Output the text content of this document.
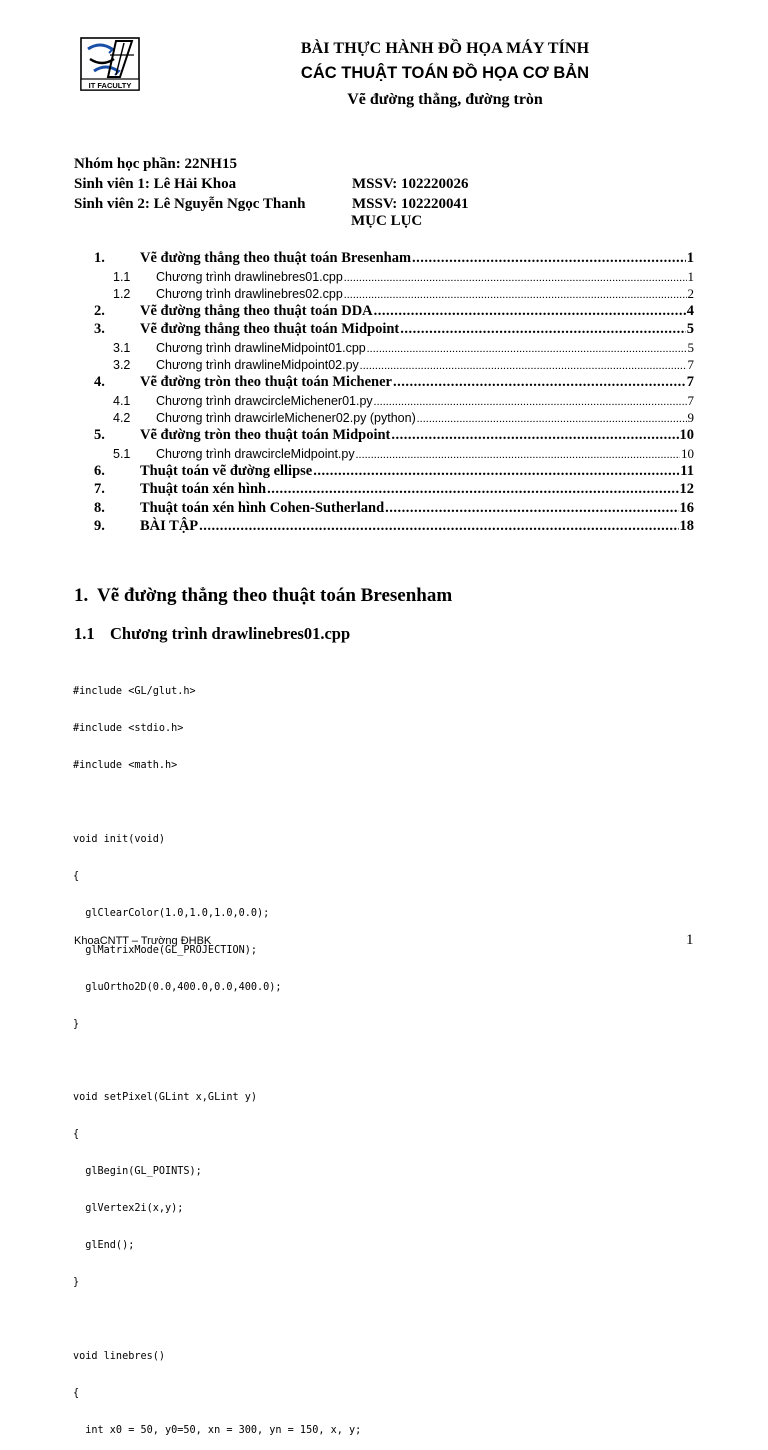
IT FACULTY
BÀI THỰC HÀNH ĐỒ HỌA MÁY TÍNH
CÁC THUẬT TOÁN ĐỒ HỌA CƠ BẢN
Vẽ đường thẳng, đường tròn
Nhóm học phần: 22NH15
Sinh viên 1: Lê Hải Khoa	MSSV: 102220026
Sinh viên 2: Lê Nguyễn Ngọc Thanh	MSSV: 102220041
MỤC LỤC
1.	Vẽ đường thẳng theo thuật toán Bresenham .....	1
1.1	Chương trình drawlinebres01.cpp .....	1
1.2	Chương trình drawlinebres02.cpp .....	2
2.	Vẽ đường thẳng theo thuật toán DDA .....	4
3.	Vẽ đường thẳng theo thuật toán Midpoint .....	5
3.1	Chương trình drawlineMidpoint01.cpp .....	5
3.2	Chương trình drawlineMidpoint02.py .....	7
4.	Vẽ đường tròn theo thuật toán Michener .....	7
4.1	Chương trình drawcircleMichener01.py .....	7
4.2	Chương trình drawcirleMichener02.py (python) .....	9
5.	Vẽ đường tròn theo thuật toán Midpoint .....	10
5.1	Chương trình drawcircleMidpoint.py .....	10
6.	Thuật toán vẽ đường ellipse .....	11
7.	Thuật toán xén hình .....	12
8.	Thuật toán xén hình Cohen-Sutherland .....	16
9.	BÀI TẬP .....	18
1. Vẽ đường thẳng theo thuật toán Bresenham
1.1 Chương trình drawlinebres01.cpp

#include <GL/glut.h>

#include <stdio.h>

#include <math.h>

void init(void)

{

glClearColor(1.0,1.0,1.0,0.0);

glMatrixMode(GL_PROJECTION);

gluOrtho2D(0.0,400.0,0.0,400.0);

}

void setPixel(GLint x,GLint y)

{

glBegin(GL_POINTS);

glVertex2i(x,y);

glEnd();

}

void linebres()

{

int x0 = 50, y0=50, xn = 300, yn = 150, x, y;

KhoaCNTT – Trường ĐHBK	1
